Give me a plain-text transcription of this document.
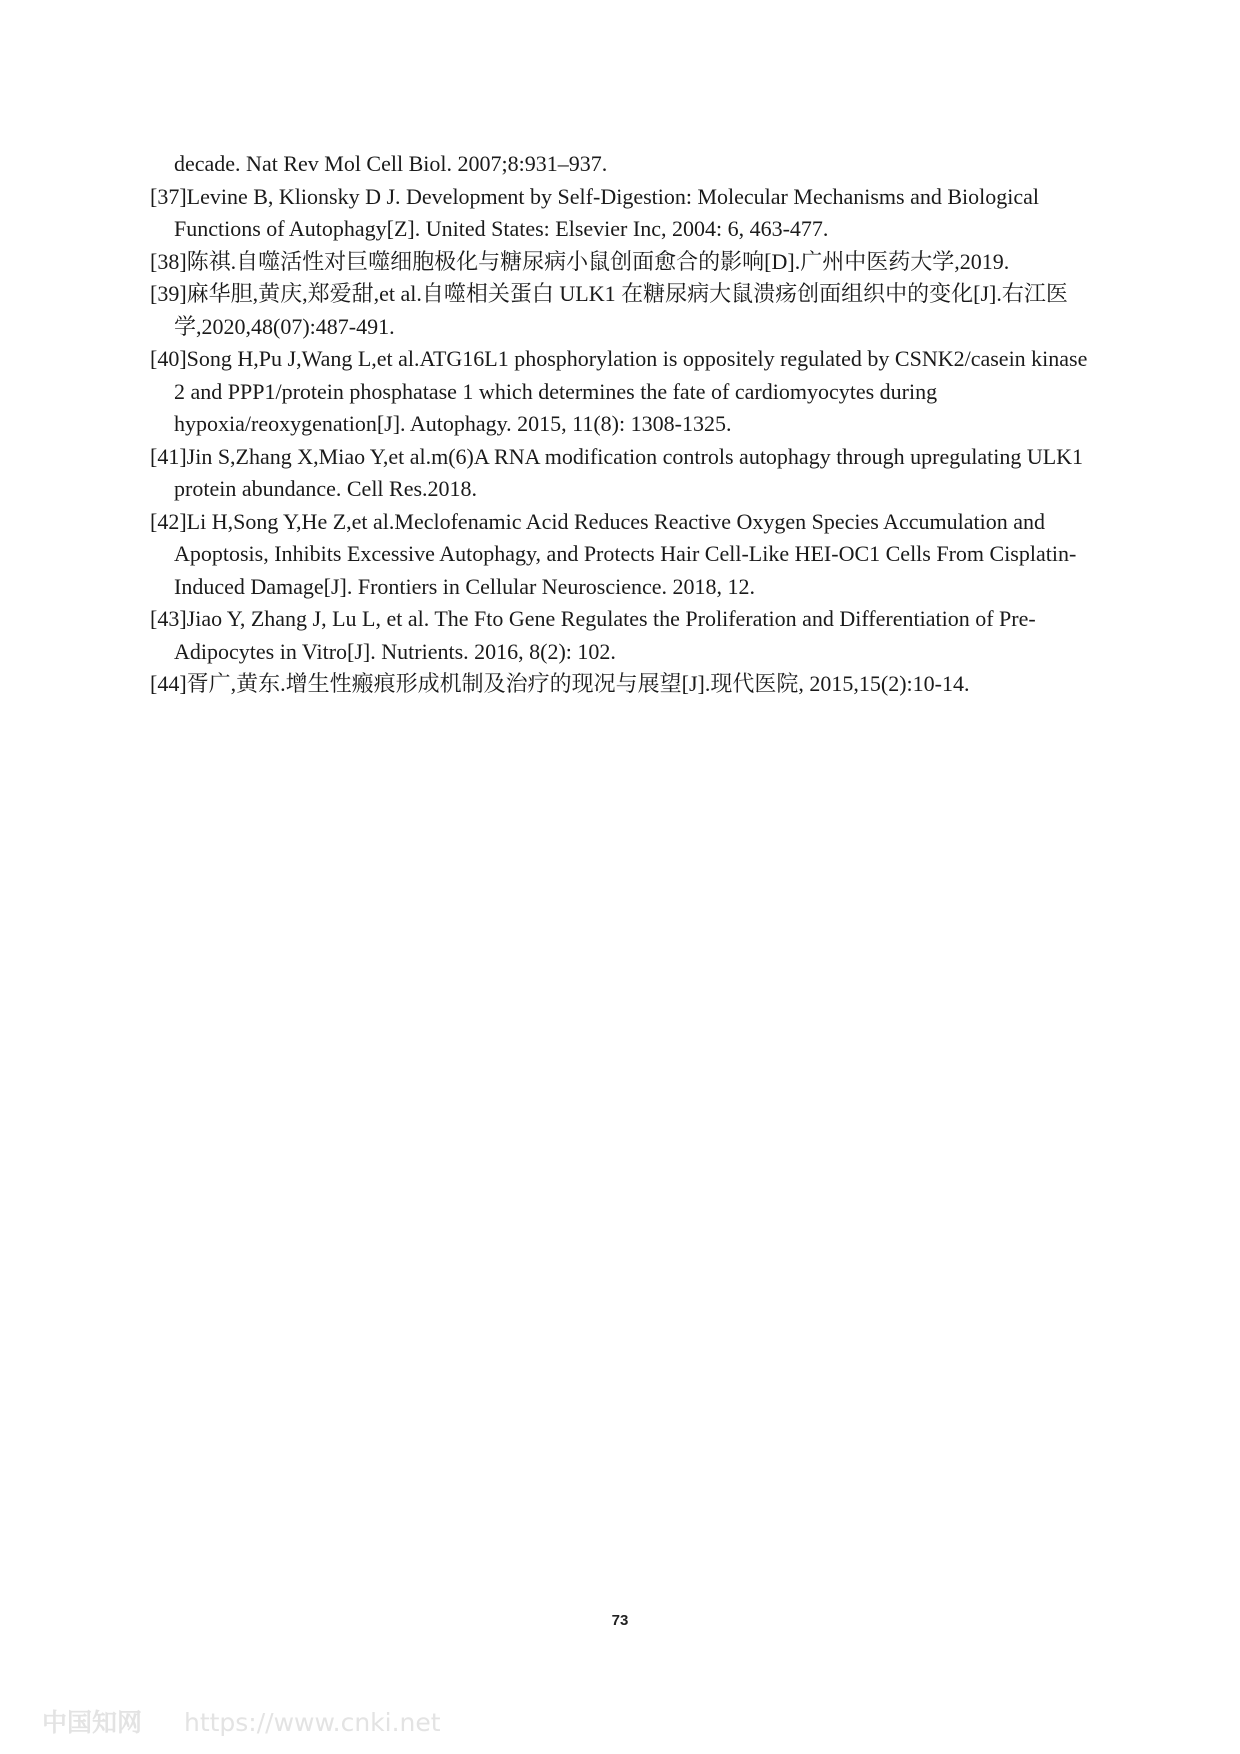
decade. Nat Rev Mol Cell Biol. 2007;8:931–937.
[37]Levine B, Klionsky D J. Development by Self-Digestion: Molecular Mechanisms and Biological Functions of Autophagy[Z]. United States: Elsevier Inc, 2004: 6, 463-477.
[38]陈祺.自噬活性对巨噬细胞极化与糖尿病小鼠创面愈合的影响[D].广州中医药大学,2019.
[39]麻华胆,黄庆,郑爱甜,et al.自噬相关蛋白 ULK1 在糖尿病大鼠溃疡创面组织中的变化[J].右江医学,2020,48(07):487-491.
[40]Song H,Pu J,Wang L,et al.ATG16L1 phosphorylation is oppositely regulated by CSNK2/casein kinase 2 and PPP1/protein phosphatase 1 which determines the fate of cardiomyocytes during hypoxia/reoxygenation[J]. Autophagy. 2015, 11(8): 1308-1325.
[41]Jin S,Zhang X,Miao Y,et al.m(6)A RNA modification controls autophagy through upregulating ULK1 protein abundance. Cell Res.2018.
[42]Li H,Song Y,He Z,et al.Meclofenamic Acid Reduces Reactive Oxygen Species Accumulation and Apoptosis, Inhibits Excessive Autophagy, and Protects Hair Cell-Like HEI-OC1 Cells From Cisplatin-Induced Damage[J]. Frontiers in Cellular Neuroscience. 2018, 12.
[43]Jiao Y, Zhang J, Lu L, et al. The Fto Gene Regulates the Proliferation and Differentiation of Pre-Adipocytes in Vitro[J]. Nutrients. 2016, 8(2): 102.
[44]胥广,黄东.增生性瘢痕形成机制及治疗的现况与展望[J].现代医院, 2015,15(2):10-14.
73
中国知网 https://www.cnki.net
